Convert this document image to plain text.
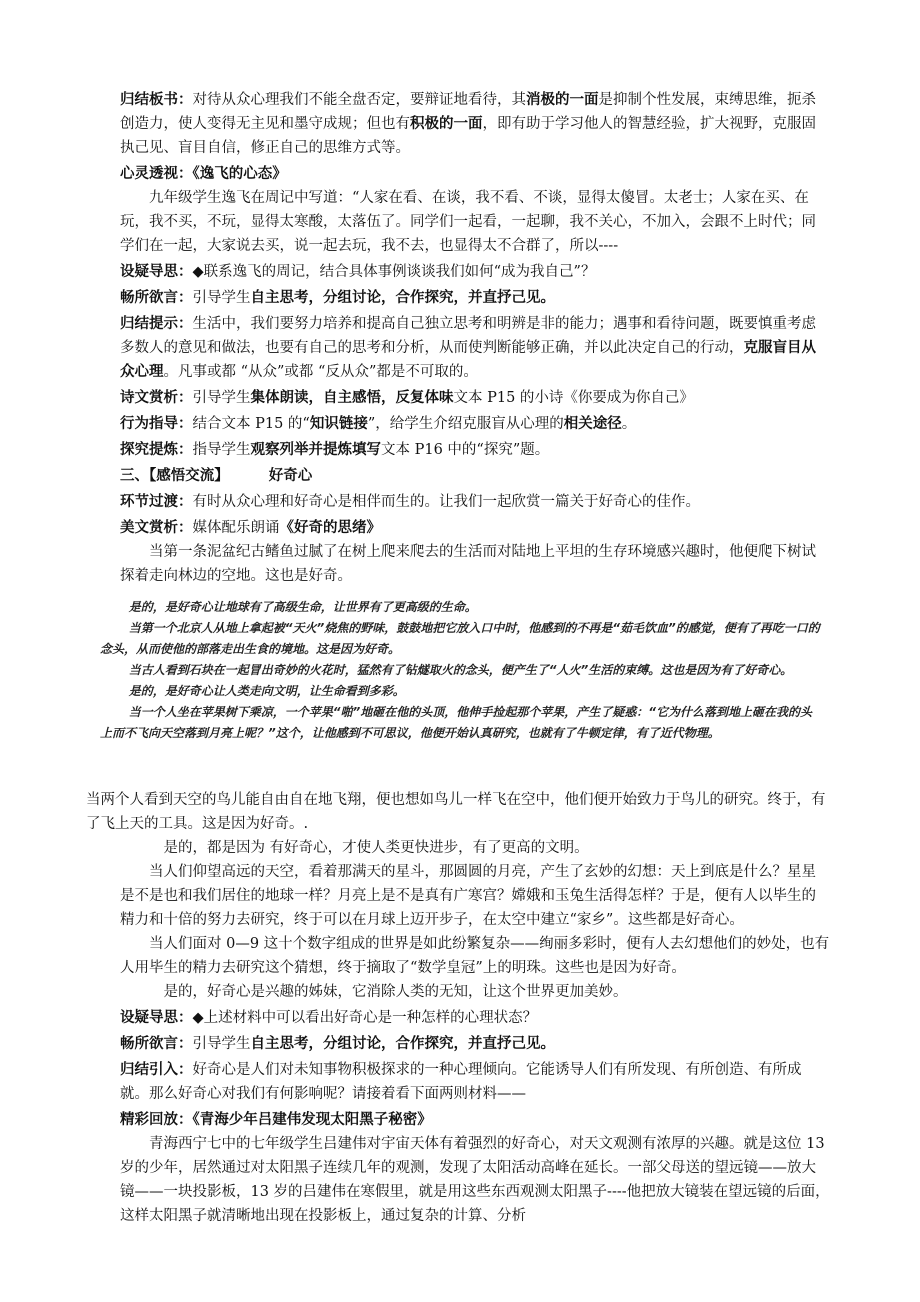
归结板书：对待从众心理我们不能全盘否定，要辩证地看待，其消极的一面是抑制个性发展，束缚思维，扼杀创造力，使人变得无主见和墨守成规；但也有积极的一面，即有助于学习他人的智慧经验，扩大视野，克服固执己见、盲目自信，修正自己的思维方式等。

心灵透视：《逸飞的心态》

九年级学生逸飞在周记中写道：“人家在看、在谈，我不看、不谈，显得太傻冒。太老士；人家在买、在玩，我不买，不玩，显得太寒酸，太落伍了。同学们一起看，一起聊，我不关心，不加入，会跟不上时代；同学们在一起，大家说去买，说一起去玩，我不去，也显得太不合群了，所以----

设疑导思：◆联系逸飞的周记，结合具体事例谈谈我们如何“成为我自己”？

畅所欲言：引导学生自主思考，分组讨论，合作探究，并直抒己见。

归结提示：生活中，我们要努力培养和提高自己独立思考和明辨是非的能力；遇事和看待问题，既要慎重考虑多数人的意见和做法，也要有自己的思考和分析，从而使判断能够正确，并以此决定自己的行动，克服盲目从众心理。凡事或都 “从众”或都 “反从众”都是不可取的。

诗文赏析：引导学生集体朗读，自主感悟，反复体味文本 P15 的小诗《你要成为你自己》

行为指导：结合文本 P15 的“知识链接”，给学生介绍克服盲从心理的相关途径。

探究提炼：指导学生观察列举并提炼填写文本 P16 中的“探究”题。

三、【感悟交流】	好奇心

环节过渡：有时从众心理和好奇心是相伴而生的。让我们一起欣赏一篇关于好奇心的佳作。

美文赏析：媒体配乐朗诵《好奇的思绪》

当第一条泥盆纪古鳍鱼过腻了在树上爬来爬去的生活而对陆地上平坦的生存环境感兴趣时，他便爬下树试探着走向林边的空地。这也是好奇。

是的，是好奇心让地球有了高级生命，让世界有了更高级的生命。

当第一个北京人从地上拿起被“天火”烧焦的野味，鼓鼓地把它放入口中时，他感到的不再是“茹毛饮血”的感觉，便有了再吃一口的念头，从而使他的部落走出生食的境地。这是因为好奇。

当古人看到石块在一起冒出奇妙的火花时，猛然有了钻燧取火的念头，便产生了“人火”生活的束缚。这也是因为有了好奇心。

是的，是好奇心让人类走向文明，让生命看到多彩。

当一个人坐在苹果树下乘凉，一个苹果“啪”地砸在他的头顶，他伸手捡起那个苹果，产生了疑惑：“它为什么落到地上砸在我的头上而不飞向天空落到月亮上呢？”这个，让他感到不可思议，他便开始认真研究，也就有了牛顿定律，有了近代物理。

当两个人看到天空的鸟儿能自由自在地飞翔，便也想如鸟儿一样飞在空中，他们便开始致力于鸟儿的研究。终于，有了飞上天的工具。这是因为好奇。.

是的，都是因为 有好奇心，才使人类更快进步，有了更高的文明。

当人们仰望高远的天空，看着那满天的星斗，那圆圆的月亮，产生了玄妙的幻想：天上到底是什么？星星是不是也和我们居住的地球一样？月亮上是不是真有广寒宫？嫦娥和玉兔生活得怎样？于是，便有人以毕生的精力和十倍的努力去研究，终于可以在月球上迈开步子，在太空中建立“家乡”。这些都是好奇心。

当人们面对 0—9 这十个数字组成的世界是如此纷繁复杂——绚丽多彩时，便有人去幻想他们的妙处，也有人用毕生的精力去研究这个猜想，终于摘取了“数学皇冠”上的明珠。这些也是因为好奇。

是的，好奇心是兴趣的姊妹，它消除人类的无知，让这个世界更加美妙。

设疑导思：◆上述材料中可以看出好奇心是一种怎样的心理状态？

畅所欲言：引导学生自主思考，分组讨论，合作探究，并直抒己见。

归结引入：好奇心是人们对未知事物积极探求的一种心理倾向。它能诱导人们有所发现、有所创造、有所成就。那么好奇心对我们有何影响呢？请接着看下面两则材料——

精彩回放：《青海少年吕建伟发现太阳黑子秘密》

青海西宁七中的七年级学生吕建伟对宇宙天体有着强烈的好奇心，对天文观测有浓厚的兴趣。就是这位 13 岁的少年，居然通过对太阳黑子连续几年的观测，发现了太阳活动高峰在延长。一部父母送的望远镜——放大镜——一块投影板，13 岁的吕建伟在寒假里，就是用这些东西观测太阳黑子----他把放大镜装在望远镜的后面，这样太阳黑子就清晰地出现在投影板上，通过复杂的计算、分析
